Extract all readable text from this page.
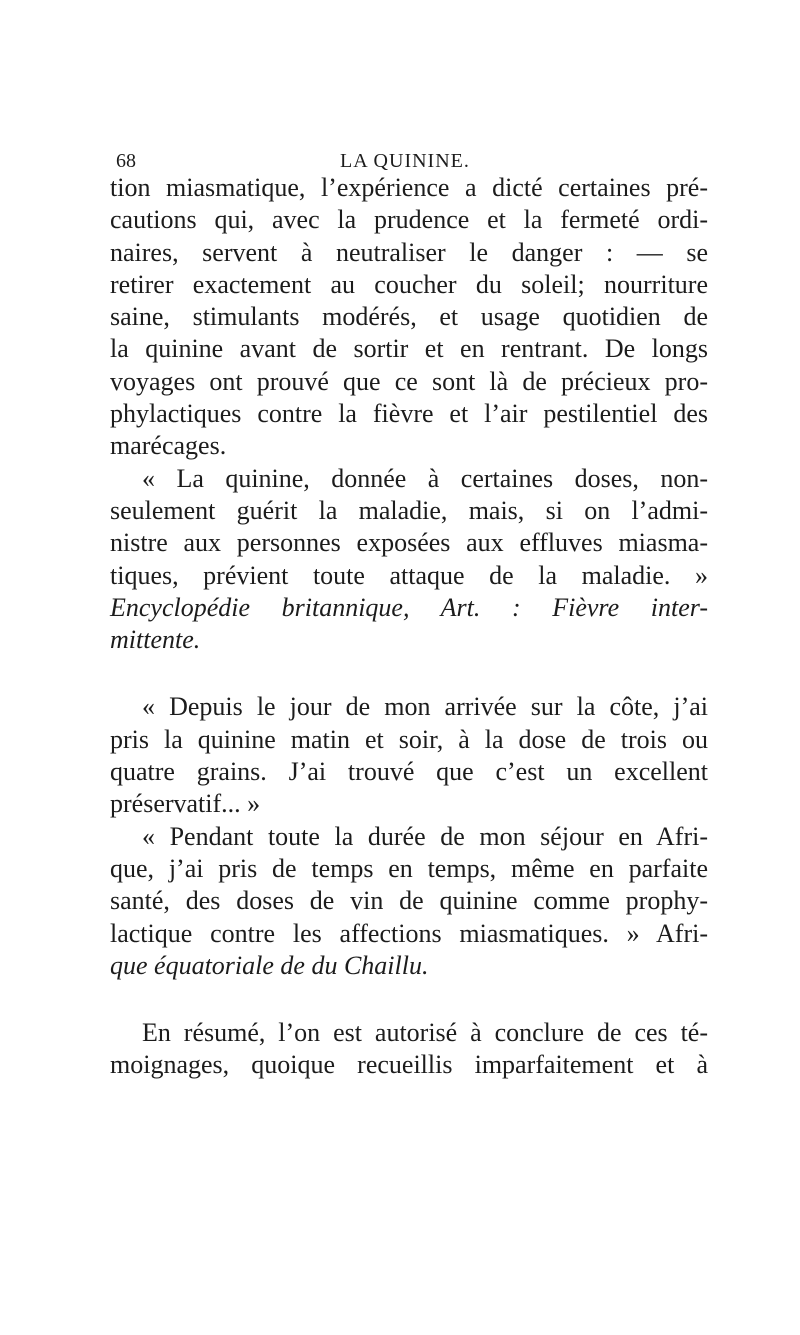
68	LA QUININE.
tion miasmatique, l’expérience a dicté certaines pré-
cautions qui, avec la prudence et la fermeté ordi-
naires, servent à neutraliser le danger : — se
retirer exactement au coucher du soleil; nourriture
saine, stimulants modérés, et usage quotidien de
la quinine avant de sortir et en rentrant. De longs
voyages ont prouvé que ce sont là de précieux pro-
phylactiques contre la fièvre et l’air pestilentiel des
marécages.
« La quinine, donnée à certaines doses, non-
seulement guérit la maladie, mais, si on l’admi-
nistre aux personnes exposées aux effluves miasma-
tiques, prévient toute attaque de la maladie. »
Encyclopédie britannique, Art. : Fièvre inter-
mittente.
« Depuis le jour de mon arrivée sur la côte, j’ai
pris la quinine matin et soir, à la dose de trois ou
quatre grains. J’ai trouvé que c’est un excellent
préservatif... »
« Pendant toute la durée de mon séjour en Afri-
que, j’ai pris de temps en temps, même en parfaite
santé, des doses de vin de quinine comme prophy-
lactique contre les affections miasmatiques. » Afri-
que équatoriale de du Chaillu.
En résumé, l’on est autorisé à conclure de ces té-
moignages, quoique recueillis imparfaitement et à
